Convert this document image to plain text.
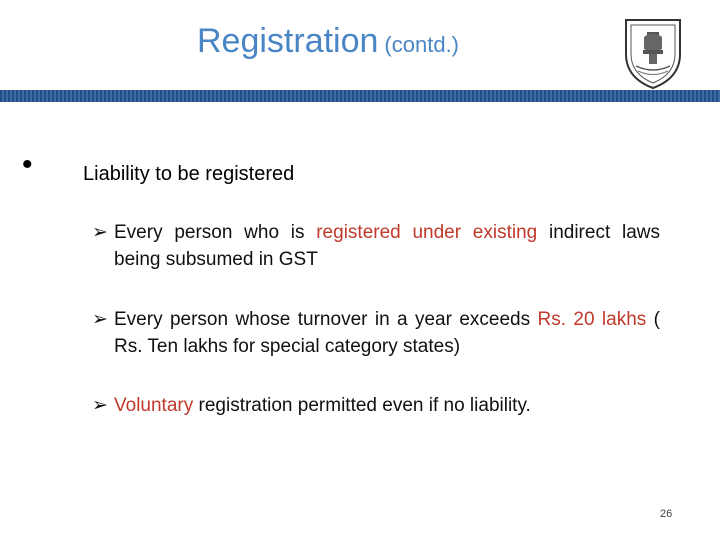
Registration (contd.)
•	Liability to be registered
➢ Every person who is registered under existing indirect laws being subsumed in GST
➢ Every person whose turnover in a year exceeds Rs. 20 lakhs ( Rs. Ten lakhs for special category states)
➢ Voluntary registration permitted even if no liability.
26
